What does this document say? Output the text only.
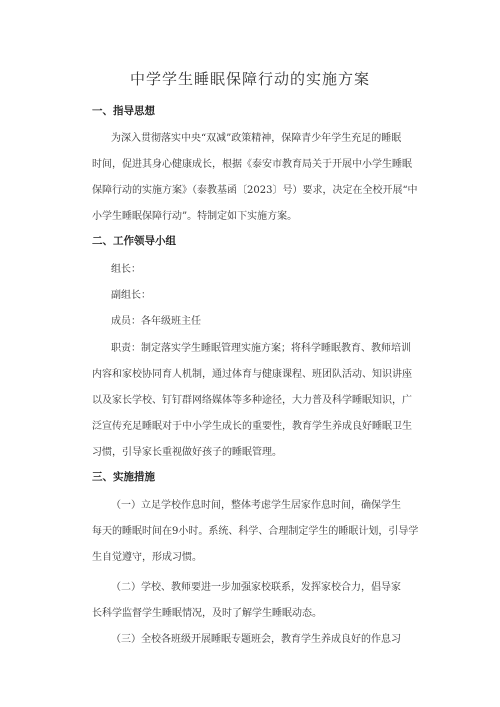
中学学生睡眠保障行动的实施方案
一、指导思想

为深入贯彻落实中央“双减”政策精神，保障青少年学生充足的睡眠

时间，促进其身心健康成长，根据《泰安市教育局关于开展中小学生睡眠

保障行动的实施方案》（泰教基函〔2023〕号）要求，决定在全校开展“中

小学生睡眠保障行动”。特制定如下实施方案。

二、工作领导小组

组长：

副组长：

成员：各年级班主任

职责：制定落实学生睡眠管理实施方案；将科学睡眠教育、教师培训

内容和家校协同育人机制，通过体育与健康课程、班团队活动、知识讲座

以及家长学校、钉钉群网络媒体等多种途径，大力普及科学睡眠知识，广

泛宣传充足睡眠对于中小学生成长的重要性，教育学生养成良好睡眠卫生

习惯，引导家长重视做好孩子的睡眠管理。

三、实施措施

（一）立足学校作息时间，整体考虑学生居家作息时间，确保学生

每天的睡眠时间在9小时。系统、科学、合理制定学生的睡眠计划，引导学

生自觉遵守，形成习惯。

（二）学校、教师要进一步加强家校联系，发挥家校合力，倡导家

长科学监督学生睡眠情况，及时了解学生睡眠动态。

（三）全校各班级开展睡眠专题班会，教育学生养成良好的作息习
